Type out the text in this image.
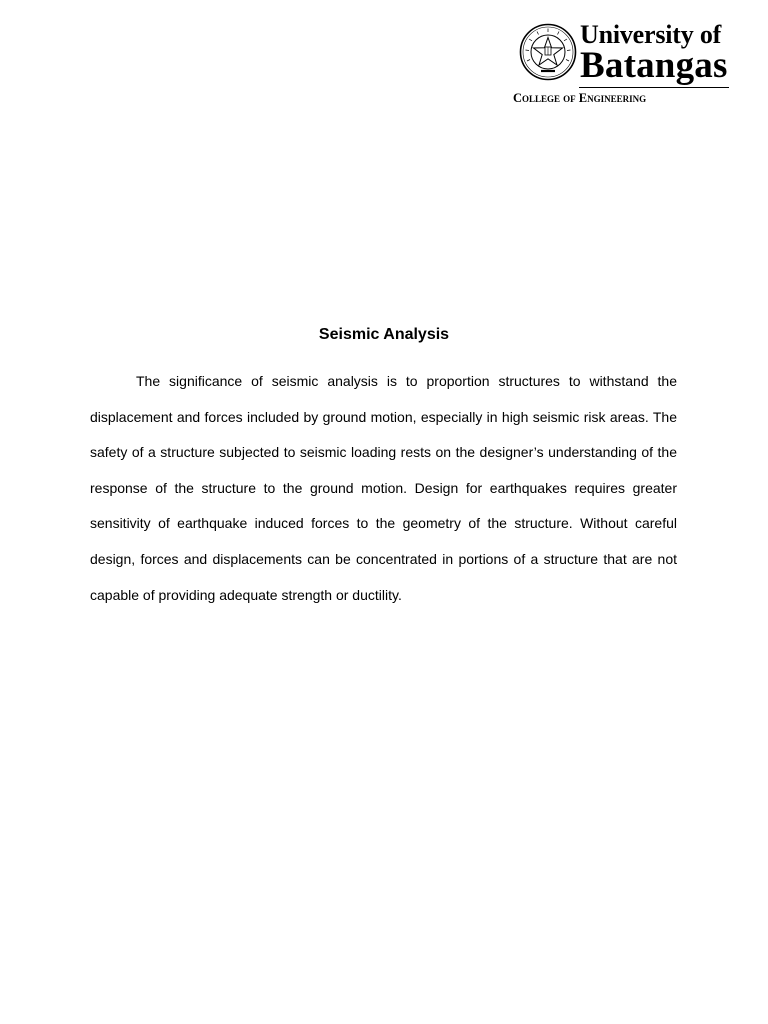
University of
Batangas
College of Engineering
Seismic Analysis

The significance of seismic analysis is to proportion structures to withstand the displacement and forces included by ground motion, especially in high seismic risk areas. The safety of a structure subjected to seismic loading rests on the designer’s understanding of the response of the structure to the ground motion. Design for earthquakes requires greater sensitivity of earthquake induced forces to the geometry of the structure. Without careful design, forces and displacements can be concentrated in portions of a structure that are not capable of providing adequate strength or ductility.
